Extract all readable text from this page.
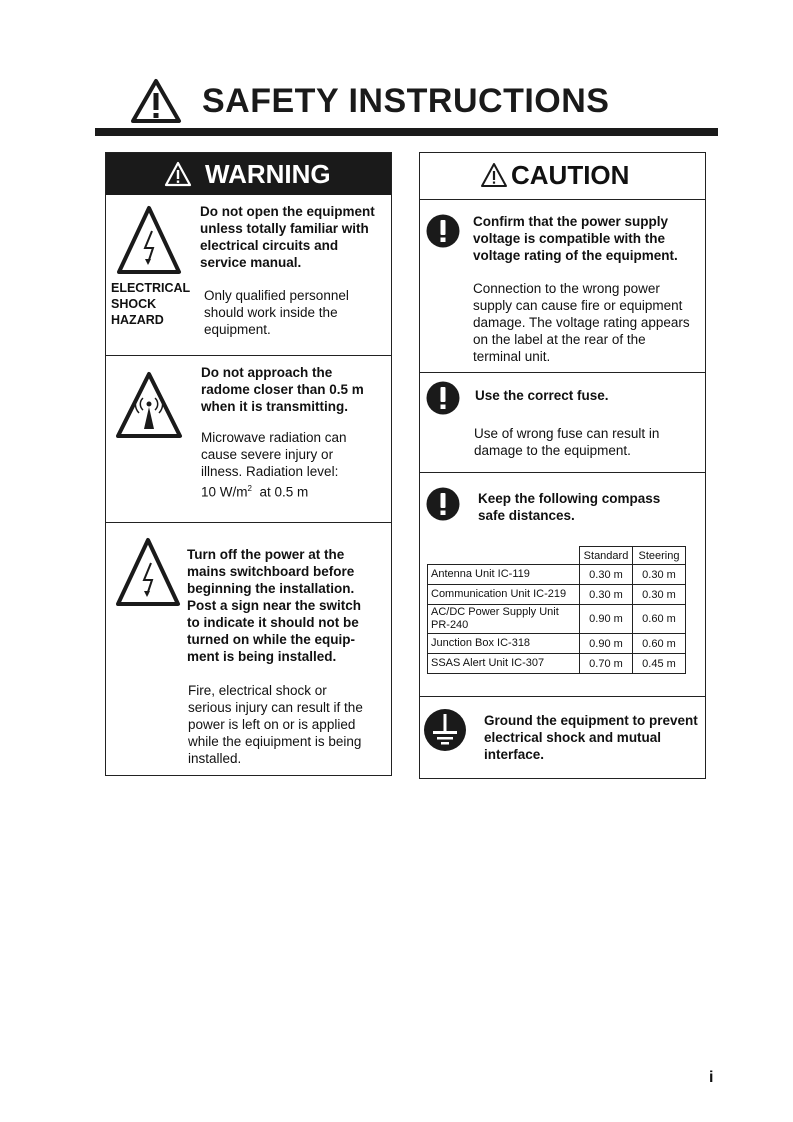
SAFETY INSTRUCTIONS
WARNING
Do not open the equipment
unless totally familiar with
electrical circuits and
service manual.
ELECTRICAL
SHOCK
HAZARD
Only qualified personnel
should work inside the
equipment.
Do not approach the
radome closer than 0.5 m
when it is transmitting.
Microwave radiation can
cause severe injury or
illness. Radiation level:
10 $W/m^2$ at 0.5 m
Turn off the power at the
mains switchboard before
beginning the installation.
Post a sign near the switch
to indicate it should not be
turned on while the equip-
ment is being installed.
Fire, electrical shock or
serious injury can result if the
power is left on or is applied
while the eqiuipment is being
installed.
CAUTION
Confirm that the power supply
voltage is compatible with the
voltage rating of the equipment.
Connection to the wrong power
supply can cause fire or equipment
damage. The voltage rating appears
on the label at the rear of the
terminal unit.
Use the correct fuse.
Use of wrong fuse can result in
damage to the equipment.
Keep the following compass
safe distances.
	Standard	Steering
Antenna Unit IC-119	0.30 m	0.30 m
Communication Unit IC-219	0.30 m	0.30 m
AC/DC Power Supply Unit
PR-240	0.90 m	0.60 m
Junction Box IC-318	0.90 m	0.60 m
SSAS Alert Unit IC-307	0.70 m	0.45 m
Ground the equipment to prevent
electrical shock and mutual
interface.
i
